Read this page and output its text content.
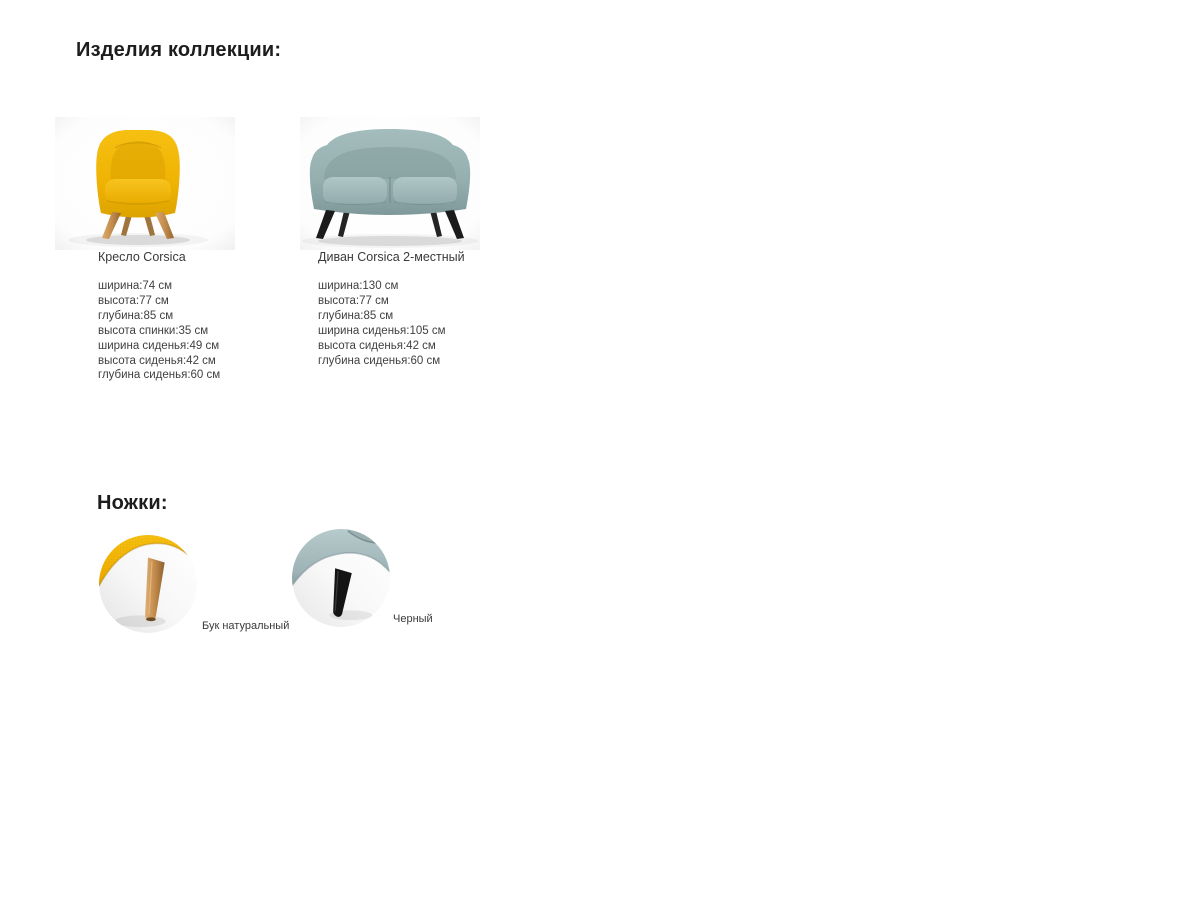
Изделия коллекции:
Кресло Corsica
ширина:74 см
высота:77 см
глубина:85 см
высота спинки:35 см
ширина сиденья:49 см
высота сиденья:42 см
глубина сиденья:60 см
Диван Corsica 2-местный
ширина:130 см
высота:77 см
глубина:85 см
ширина сиденья:105 см
высота сиденья:42 см
глубина сиденья:60 см
Ножки:
Бук натуральный
Черный
